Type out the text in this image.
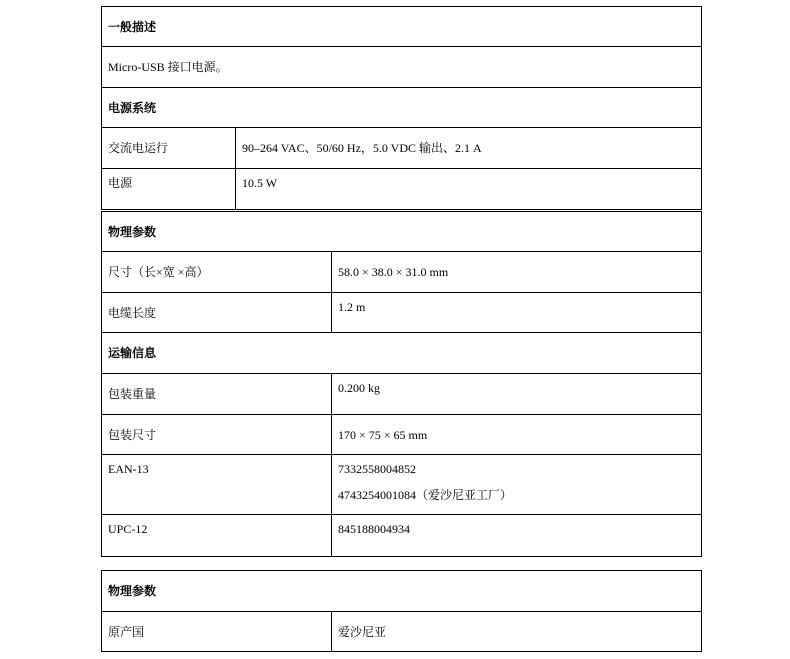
一般描述	
Micro-USB 接口电源。	
电源系统	
交流电运行	90–264 VAC、50/60 Hz，5.0 VDC 输出、2.1 A
电源	10.5 W
物理参数	
尺寸（长×宽 ×高）	58.0 × 38.0 × 31.0 mm
电缆长度	1.2 m
运输信息	
包装重量	0.200 kg
包装尺寸	170 × 75 × 65 mm
EAN-13	7332558004852
4743254001084（爱沙尼亚工厂）

UPC-12	845188004934
物理参数
原产国	爱沙尼亚
